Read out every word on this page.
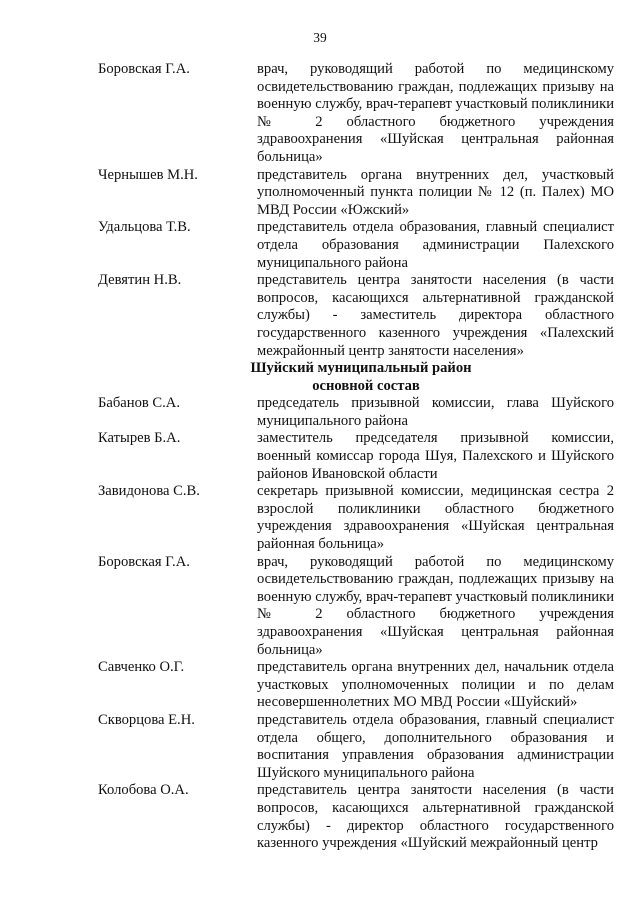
39
Боровская Г.А.	врач, руководящий работой по медицинскому освидетельствованию граждан, подлежащих призыву на военную службу, врач-терапевт участковый поликлиники № 2 областного бюджетного учреждения здравоохранения «Шуйская центральная районная больница»
Чернышев М.Н.	представитель органа внутренних дел, участковый уполномоченный пункта полиции № 12 (п. Палех) МО МВД России «Южский»
Удальцова Т.В.	представитель отдела образования, главный специалист отдела образования администрации Палехского муниципального района
Девятин Н.В.	представитель центра занятости населения (в части вопросов, касающихся альтернативной гражданской службы) - заместитель директора областного государственного казенного учреждения «Палехский межрайонный центр занятости населения»
Шуйский муниципальный район
основной состав
Бабанов С.А.	председатель призывной комиссии, глава Шуйского муниципального района
Катырев Б.А.	заместитель председателя призывной комиссии, военный комиссар города Шуя, Палехского и Шуйского районов Ивановской области
Завидонова С.В.	секретарь призывной комиссии, медицинская сестра 2 взрослой поликлиники областного бюджетного учреждения здравоохранения «Шуйская центральная районная больница»
Боровская Г.А.	врач, руководящий работой по медицинскому освидетельствованию граждан, подлежащих призыву на военную службу, врач-терапевт участковый поликлиники № 2 областного бюджетного учреждения здравоохранения «Шуйская центральная районная больница»
Савченко О.Г.	представитель органа внутренних дел, начальник отдела участковых уполномоченных полиции и по делам несовершеннолетних МО МВД России «Шуйский»
Скворцова Е.Н.	представитель отдела образования, главный специалист отдела общего, дополнительного образования и воспитания управления образования администрации Шуйского муниципального района
Колобова О.А.	представитель центра занятости населения (в части вопросов, касающихся альтернативной гражданской службы) - директор областного государственного казенного учреждения «Шуйский межрайонный центр
